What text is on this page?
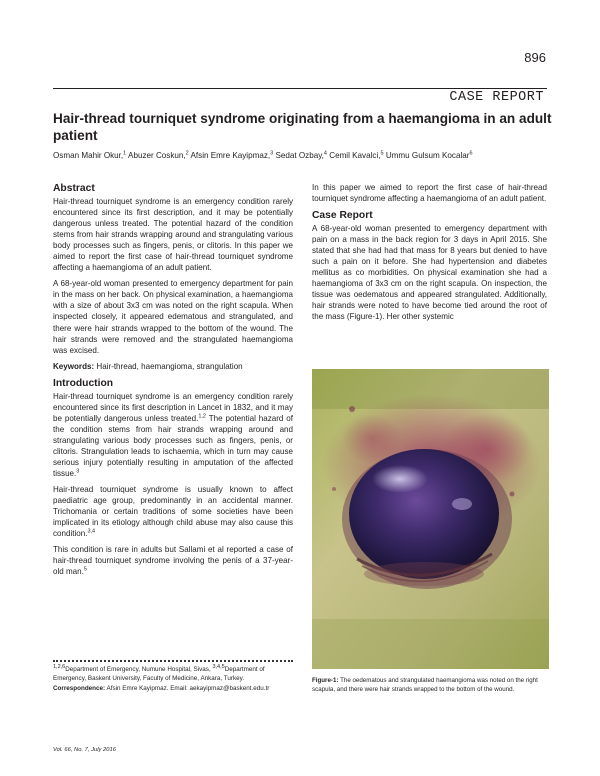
896
CASE REPORT
Hair-thread tourniquet syndrome originating from a haemangioma in an adult patient
Osman Mahir Okur,$^1$ Abuzer Coskun,$^2$ Afsin Emre Kayipmaz,$^3$ Sedat Ozbay,$^4$ Cemil Kavalci,$^5$ Ummu Gulsum Kocalar$^6$
Abstract

Hair-thread tourniquet syndrome is an emergency condition rarely encountered since its first description, and it may be potentially dangerous unless treated. The potential hazard of the condition stems from hair strands wrapping around and strangulating various body processes such as fingers, penis, or clitoris. In this paper we aimed to report the first case of hair-thread tourniquet syndrome affecting a haemangioma of an adult patient.

A 68-year-old woman presented to emergency department for pain in the mass on her back. On physical examination, a haemangioma with a size of about 3x3 cm was noted on the right scapula. When inspected closely, it appeared edematous and strangulated, and there were hair strands wrapped to the bottom of the wound. The hair strands were removed and the strangulated haemangioma was excised.

Keywords: Hair-thread, haemangioma, strangulation

Introduction

Hair-thread tourniquet syndrome is an emergency condition rarely encountered since its first description in Lancet in 1832, and it may be potentially dangerous unless treated.$^{1,2}$ The potential hazard of the condition stems from hair strands wrapping around and strangulating various body processes such as fingers, penis, or clitoris. Strangulation leads to ischaemia, which in turn may cause serious injury potentially resulting in amputation of the affected tissue.$^3$

Hair-thread tourniquet syndrome is usually known to affect paediatric age group, predominantly in an accidental manner. Trichomania or certain traditions of some societies have been implicated in its etiology although child abuse may also cause this condition.$^{3,4}$

This condition is rare in adults but Sallami et al reported a case of hair-thread tourniquet syndrome involving the penis of a 37-year-old man.$^5$

In this paper we aimed to report the first case of hair-thread tourniquet syndrome affecting a haemangioma of an adult patient.

Case Report

A 68-year-old woman presented to emergency department with pain on a mass in the back region for 3 days in April 2015. She stated that she had had that mass for 8 years but denied to have such a pain on it before. She had hypertension and diabetes mellitus as co morbidities. On physical examination she had a haemangioma of 3x3 cm on the right scapula. On inspection, the tissue was oedematous and appeared strangulated. Additionally, hair strands were noted to have become tied around the root of the mass (Figure-1). Her other systemic

$^{1,2,6}$Department of Emergency, Numune Hospital, Sivas, $^{3,4,5}$Department of Emergency, Baskent University, Faculty of Medicine, Ankara, Turkey.
Correspondence: Afsin Emre Kayipmaz. Email: aekayipmaz@baskent.edu.tr
Figure-1: The oedematous and strangulated haemangioma was noted on the right scapula, and there were hair strands wrapped to the bottom of the wound.
Vol. 66, No. 7, July 2016
